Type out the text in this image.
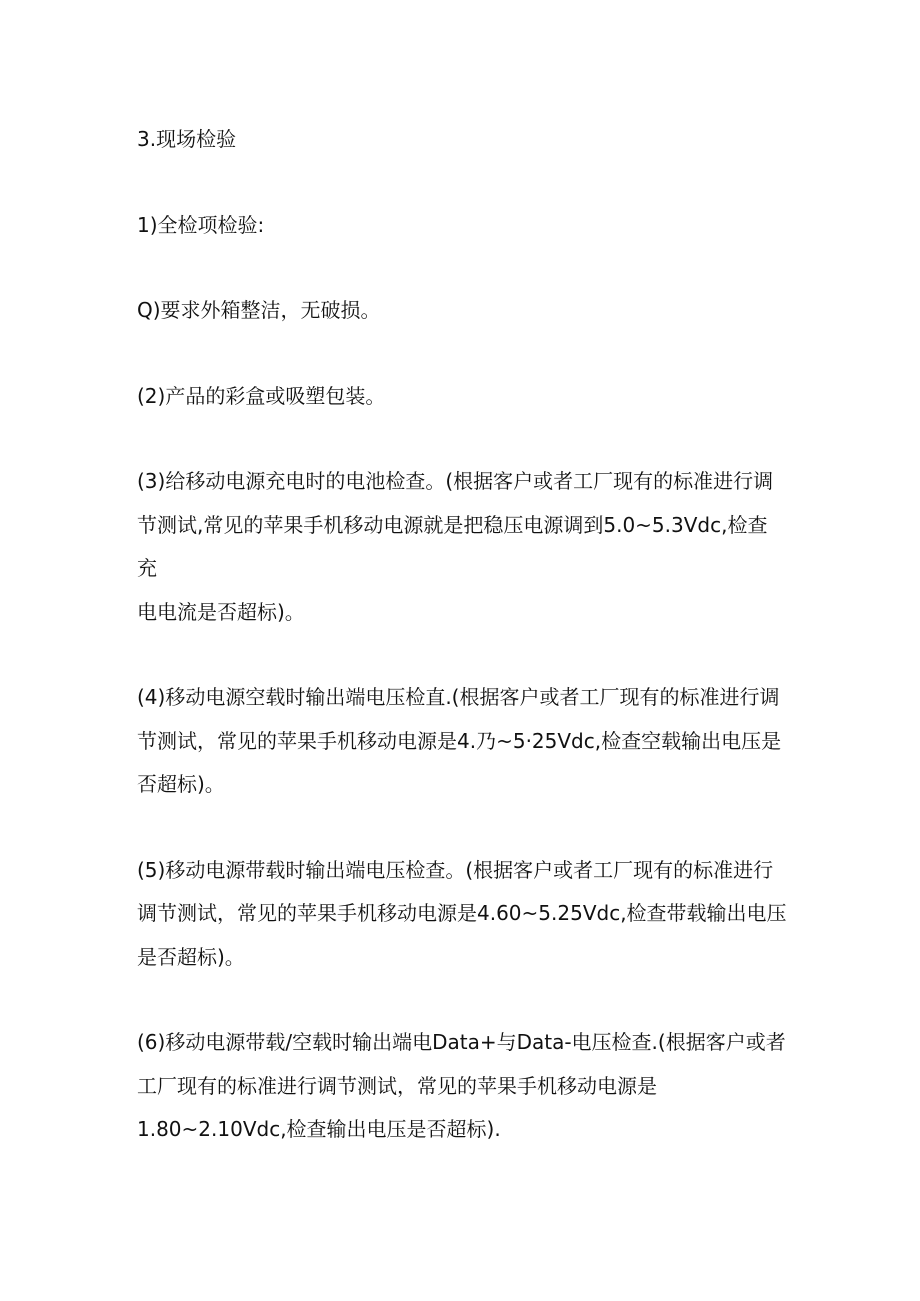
3.现场检验

1)全检项检验:

Q)要求外箱整洁，无破损。

(2)产品的彩盒或吸塑包装。

(3)给移动电源充电时的电池检查。(根据客户或者工厂现有的标准进行调

节测试,常见的苹果手机移动电源就是把稳压电源调到5.0~5.3Vdc,检查充

电电流是否超标)。

(4)移动电源空载时输出端电压检直.(根据客户或者工厂现有的标准进行调

节测试，常见的苹果手机移动电源是4.乃~5·25Vdc,检查空载输出电压是

否超标)。

(5)移动电源带载时输出端电压检查。(根据客户或者工厂现有的标准进行

调节测试，常见的苹果手机移动电源是4.60~5.25Vdc,检查带载输出电压

是否超标)。

(6)移动电源带载/空载时输出端电Data+与Data-电压检查.(根据客户或者

工厂现有的标准进行调节测试，常见的苹果手机移动电源是

1.80~2.10Vdc,检查输出电压是否超标).
